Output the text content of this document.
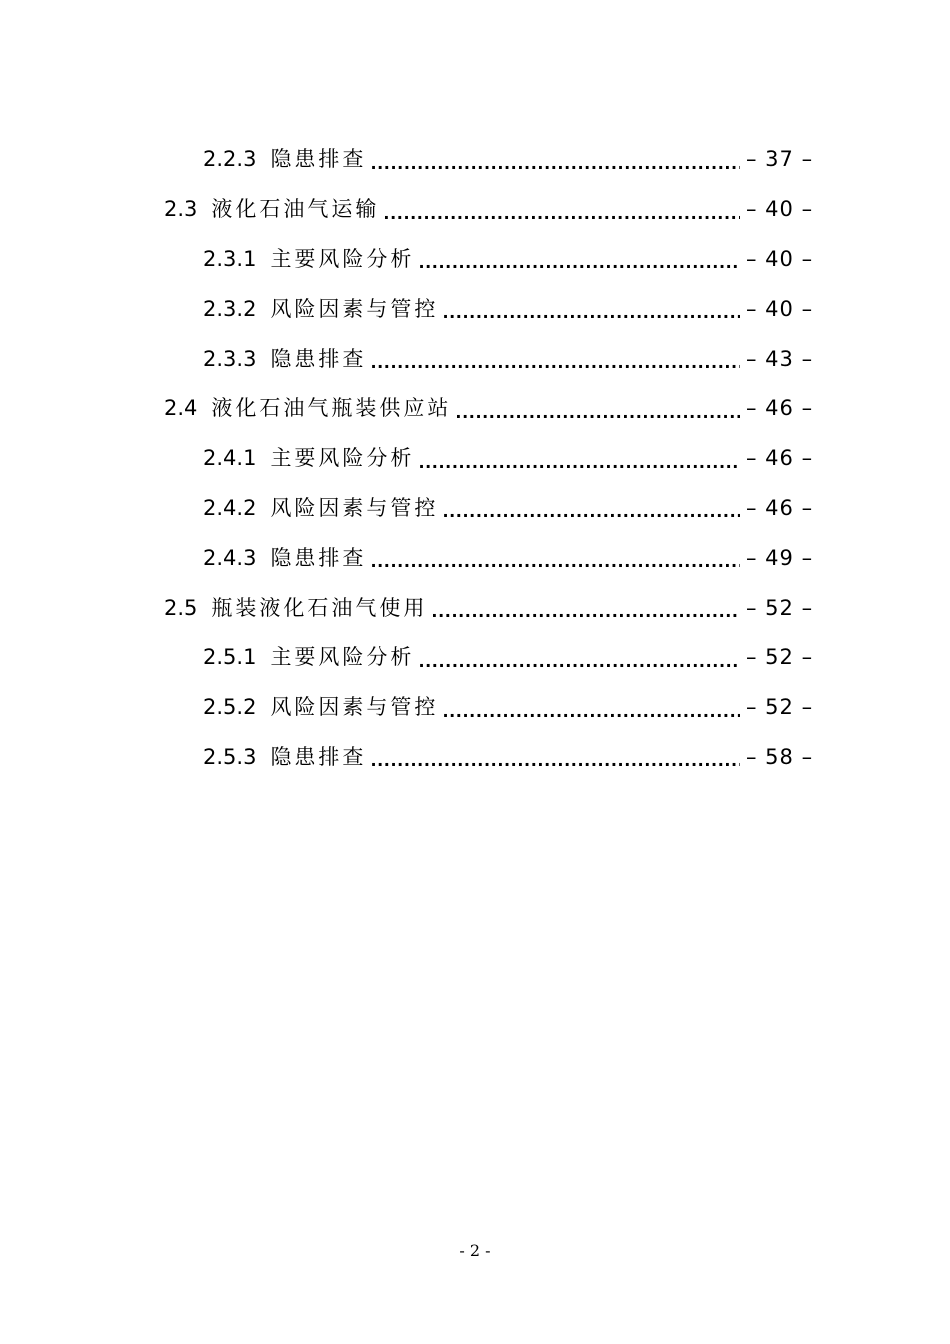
2.2.3 隐患排查 .....	– 37 –
2.3 液化石油气运输 .....	– 40 –
2.3.1 主要风险分析 .....	– 40 –
2.3.2 风险因素与管控 .....	– 40 –
2.3.3 隐患排查 .....	– 43 –
2.4 液化石油气瓶装供应站 .....	– 46 –
2.4.1 主要风险分析 .....	– 46 –
2.4.2 风险因素与管控 .....	– 46 –
2.4.3 隐患排查 .....	– 49 –
2.5 瓶装液化石油气使用 .....	– 52 –
2.5.1 主要风险分析 .....	– 52 –
2.5.2 风险因素与管控 .....	– 52 –
2.5.3 隐患排查 .....	– 58 –
- 2 -
